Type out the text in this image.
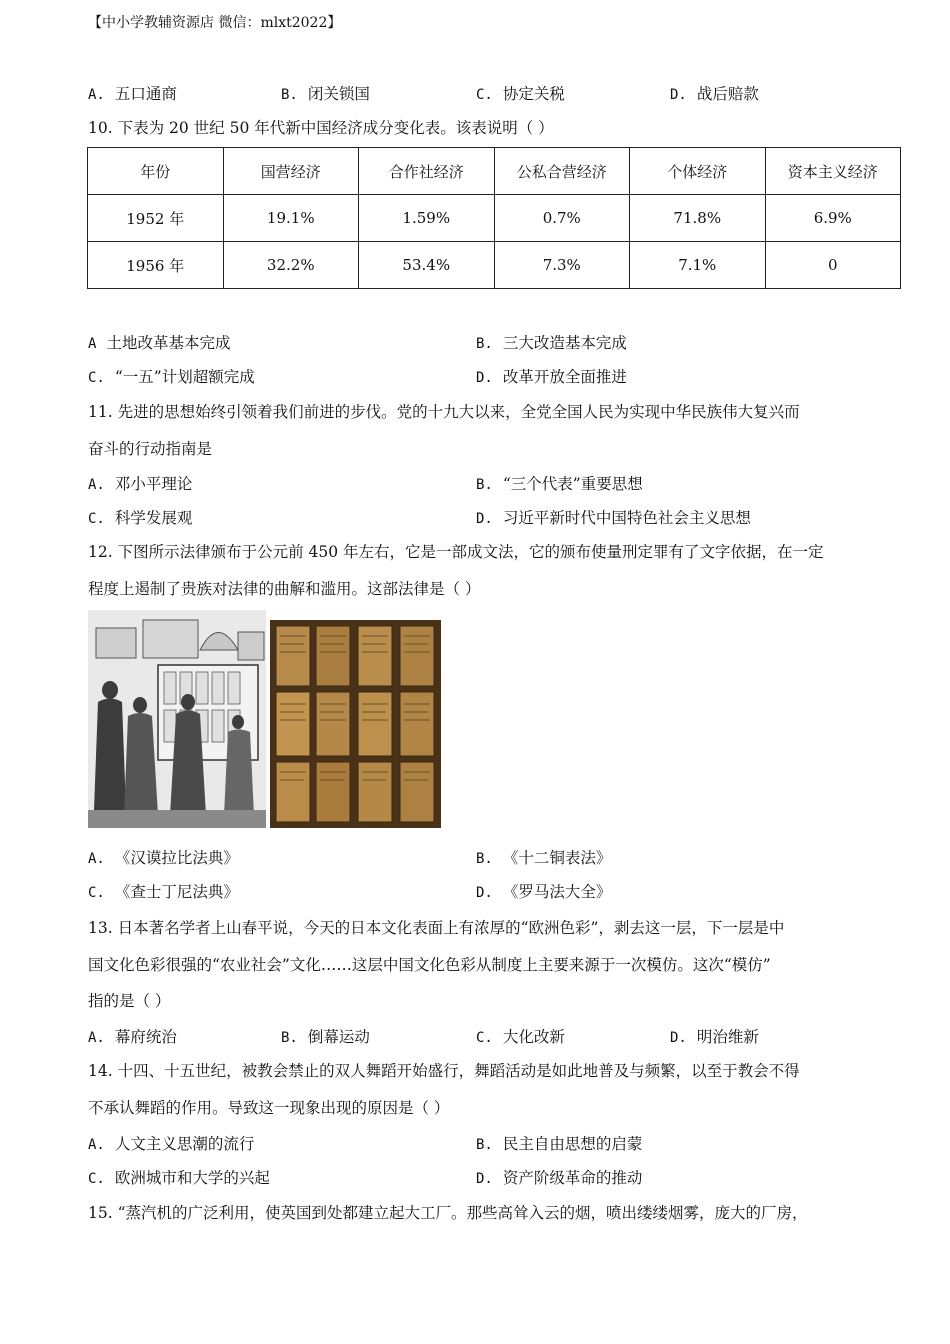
【中小学教辅资源店 微信：mlxt2022】
A. 五口通商	B. 闭关锁国	C. 协定关税	D. 战后赔款
10. 下表为 20 世纪 50 年代新中国经济成分变化表。该表说明（ ）
年份	国营经济	合作社经济	公私合营经济	个体经济	资本主义经济
1952 年	19.1%	1.59%	0.7%	71.8%	6.9%
1956 年	32.2%	53.4%	7.3%	7.1%	0
A 土地改革基本完成	B. 三大改造基本完成
C. “一五”计划超额完成	D. 改革开放全面推进
11. 先进的思想始终引领着我们前进的步伐。党的十九大以来，全党全国人民为实现中华民族伟大复兴而
奋斗的行动指南是
A. 邓小平理论	B. “三个代表”重要思想
C. 科学发展观	D. 习近平新时代中国特色社会主义思想
12. 下图所示法律颁布于公元前 450 年左右，它是一部成文法，它的颁布使量刑定罪有了文字依据，在一定
程度上遏制了贵族对法律的曲解和滥用。这部法律是（ ）
A. 《汉谟拉比法典》	B. 《十二铜表法》
C. 《查士丁尼法典》	D. 《罗马法大全》
13. 日本著名学者上山春平说，今天的日本文化表面上有浓厚的“欧洲色彩”，剥去这一层，下一层是中
国文化色彩很强的“农业社会”文化……这层中国文化色彩从制度上主要来源于一次模仿。这次“模仿”
指的是（ ）
A. 幕府统治	B. 倒幕运动	C. 大化改新	D. 明治维新
14. 十四、十五世纪，被教会禁止的双人舞蹈开始盛行，舞蹈活动是如此地普及与频繁，以至于教会不得
不承认舞蹈的作用。导致这一现象出现的原因是（ ）
A. 人文主义思潮的流行	B. 民主自由思想的启蒙
C. 欧洲城市和大学的兴起	D. 资产阶级革命的推动
15. “蒸汽机的广泛利用，使英国到处都建立起大工厂。那些高耸入云的烟，喷出缕缕烟雾，庞大的厂房，
